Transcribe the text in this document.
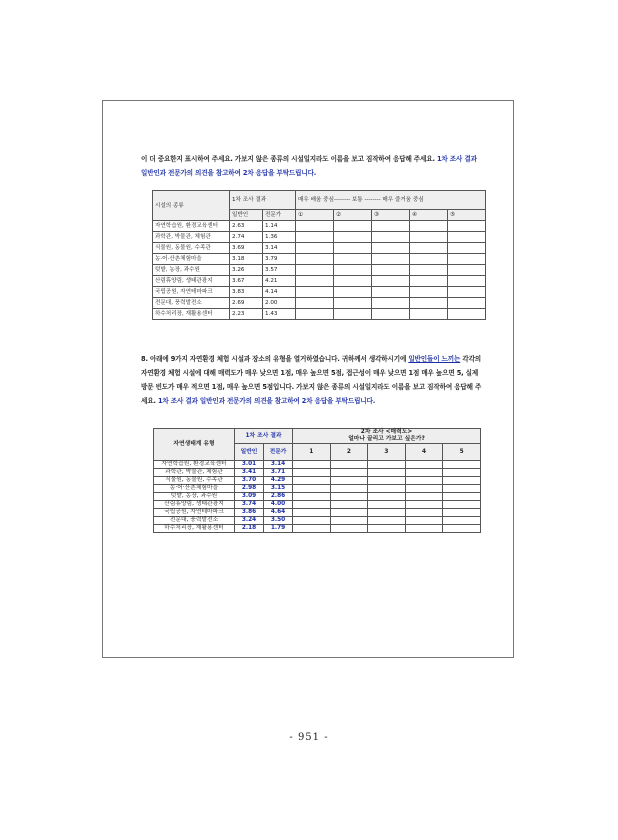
이 더 중요한지 표시하여 주세요. 가보지 않은 종류의 시설일지라도 이름을 보고 짐작하여 응답해 주세요. 1차 조사 결과 일반인과 전문가의 의견을 참고하여 2차 응답을 부탁드립니다.
시설의 종류	1차 조사 결과		매우 배움 중심-------- 보통 -------- 매우 즐거움 중심				
	일반인	전문가	①	②	③	④	⑤
자연학습원, 환경교육센터	2.63	1.14					
과학관, 박물관, 체험관	2.74	1.36					
식물원, 동물원, 수족관	3.69	3.14					
농·어·산촌체험마을	3.18	3.79					
텃밭, 농장, 과수원	3.26	3.57					
산림휴양림, 생태관광지	3.67	4.21					
국립공원, 자연테마파크	3.83	4.14					
전문대, 풍력발전소	2.69	2.00					
하수처리장, 재활용센터	2.23	1.43					
8. 아래에 9가지 자연환경 체험 시설과 장소의 유형을 열거하였습니다. 귀하께서 생각하시기에 일반인들이 느끼는 각각의 자연환경 체험 시설에 대해 매력도가 매우 낮으면 1점, 매우 높으면 5점, 접근성이 매우 낮으면 1점 매우 높으면 5, 실제 방문 빈도가 매우 적으면 1점, 매우 높으면 5점입니다. 가보지 않은 종류의 시설일지라도 이름을 보고 짐작하여 응답해 주세요. 1차 조사 결과 일반인과 전문가의 의견을 참고하여 2차 응답을 부탁드립니다.
자연생태계 유형	1차 조사 결과		2차 조사 <매력도>
얼마나 끌리고 가보고 싶은가?				
	일반인	전문가	1	2	3	4	5
자연학습원, 환경교육센터	3.01	3.14					
과학관, 박물관, 체험관	3.41	3.71					
식물원, 동물원, 수족관	3.70	4.29					
농·어·산촌체험마을	2.98	3.15					
텃밭, 농장, 과수원	3.09	2.86					
산림휴양림, 생태관광지	3.74	4.00					
국립공원, 자연테마파크	3.86	4.64					
전문대, 풍력발전소	3.24	3.50					
하수처리장, 재활용센터	2.18	1.79					
- 951 -
